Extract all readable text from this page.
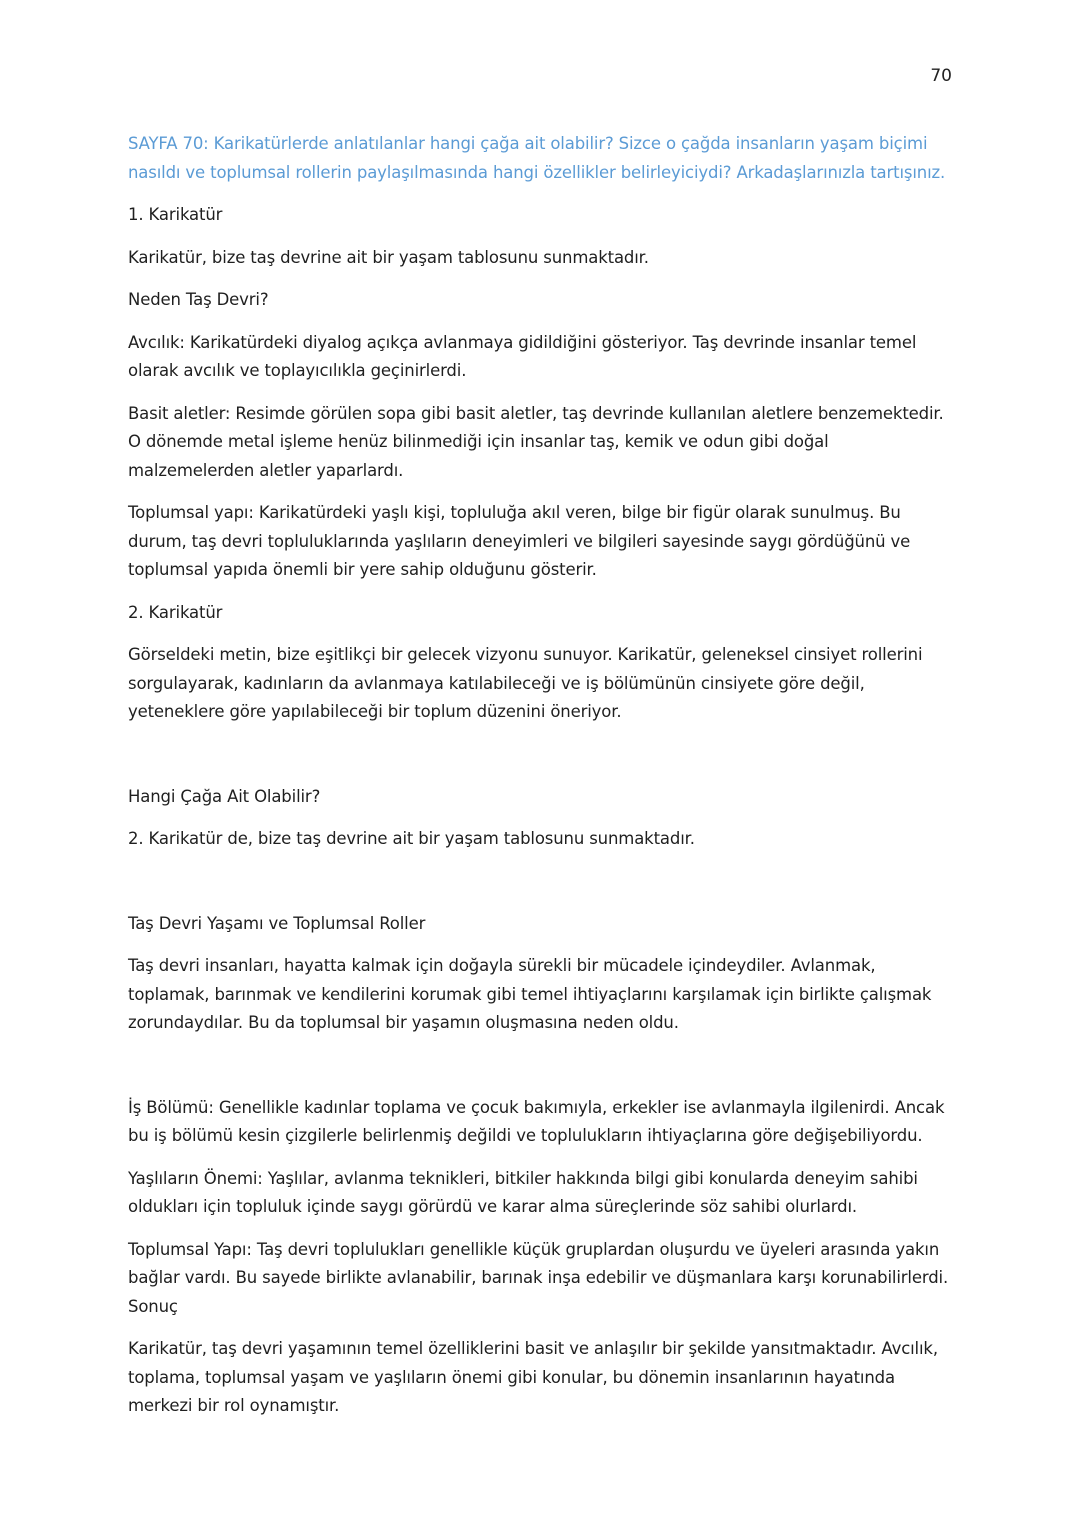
70

SAYFA 70: Karikatürlerde anlatılanlar hangi çağa ait olabilir? Sizce o çağda insanların yaşam biçimi nasıldı ve toplumsal rollerin paylaşılmasında hangi özellikler belirleyiciydi? Arkadaşlarınızla tartışınız.

1. Karikatür

Karikatür, bize taş devrine ait bir yaşam tablosunu sunmaktadır.

Neden Taş Devri?

Avcılık: Karikatürdeki diyalog açıkça avlanmaya gidildiğini gösteriyor. Taş devrinde insanlar temel olarak avcılık ve toplayıcılıkla geçinirlerdi.

Basit aletler: Resimde görülen sopa gibi basit aletler, taş devrinde kullanılan aletlere benzemektedir. O dönemde metal işleme henüz bilinmediği için insanlar taş, kemik ve odun gibi doğal malzemelerden aletler yaparlardı.

Toplumsal yapı: Karikatürdeki yaşlı kişi, topluluğa akıl veren, bilge bir figür olarak sunulmuş. Bu durum, taş devri topluluklarında yaşlıların deneyimleri ve bilgileri sayesinde saygı gördüğünü ve toplumsal yapıda önemli bir yere sahip olduğunu gösterir.

2. Karikatür

Görseldeki metin, bize eşitlikçi bir gelecek vizyonu sunuyor. Karikatür, geleneksel cinsiyet rollerini sorgulayarak, kadınların da avlanmaya katılabileceği ve iş bölümünün cinsiyete göre değil, yeteneklere göre yapılabileceği bir toplum düzenini öneriyor.

Hangi Çağa Ait Olabilir?

2. Karikatür de, bize taş devrine ait bir yaşam tablosunu sunmaktadır.

Taş Devri Yaşamı ve Toplumsal Roller

Taş devri insanları, hayatta kalmak için doğayla sürekli bir mücadele içindeydiler. Avlanmak, toplamak, barınmak ve kendilerini korumak gibi temel ihtiyaçlarını karşılamak için birlikte çalışmak zorundaydılar. Bu da toplumsal bir yaşamın oluşmasına neden oldu.

İş Bölümü: Genellikle kadınlar toplama ve çocuk bakımıyla, erkekler ise avlanmayla ilgilenirdi. Ancak bu iş bölümü kesin çizgilerle belirlenmiş değildi ve toplulukların ihtiyaçlarına göre değişebiliyordu.

Yaşlıların Önemi: Yaşlılar, avlanma teknikleri, bitkiler hakkında bilgi gibi konularda deneyim sahibi oldukları için topluluk içinde saygı görürdü ve karar alma süreçlerinde söz sahibi olurlardı.

Toplumsal Yapı: Taş devri toplulukları genellikle küçük gruplardan oluşurdu ve üyeleri arasında yakın bağlar vardı. Bu sayede birlikte avlanabilir, barınak inşa edebilir ve düşmanlara karşı korunabilirlerdi. Sonuç

Karikatür, taş devri yaşamının temel özelliklerini basit ve anlaşılır bir şekilde yansıtmaktadır. Avcılık, toplama, toplumsal yaşam ve yaşlıların önemi gibi konular, bu dönemin insanlarının hayatında merkezi bir rol oynamıştır.
